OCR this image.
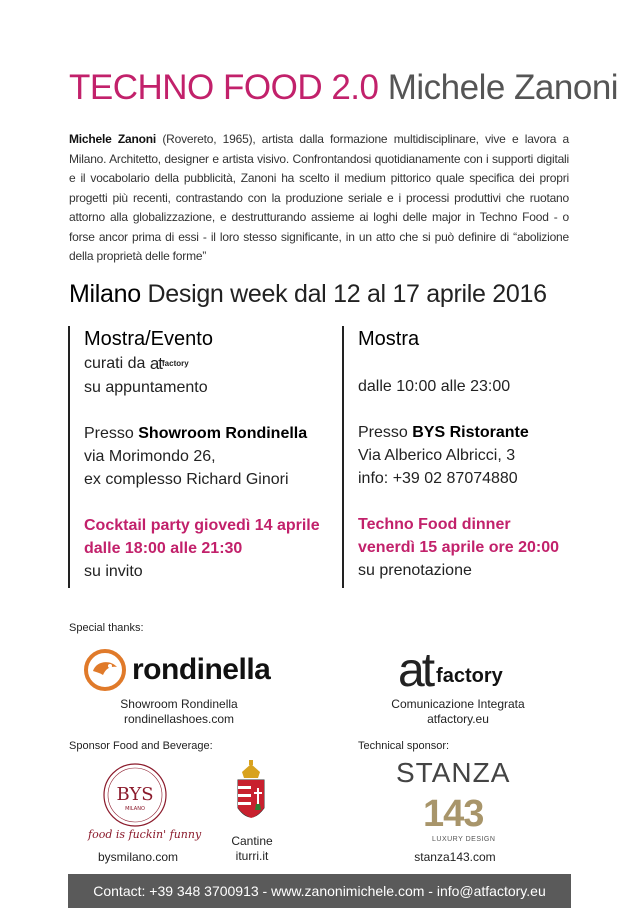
TECHNO FOOD 2.0 Michele Zanoni

Michele Zanoni (Rovereto, 1965), artista dalla formazione multidisciplinare, vive e lavora a Milano. Architetto, designer e artista visivo. Confrontandosi quotidianamente con i supporti digitali e il vocabolario della pubblicità, Zanoni ha scelto il medium pittorico quale specifica dei propri progetti più recenti, contrastando con la produzione seriale e i processi produttivi che ruotano attorno alla globalizzazione, e destrutturando assieme ai loghi delle major in Techno Food - o forse ancor prima di essi - il loro stesso significante, in un atto che si può definire di “abolizione della proprietà delle forme”

Milano Design week dal 12 al 17 aprile 2016
Mostra/Evento
curati da $at^{factory}$
su appuntamento
Presso Showroom Rondinella
via Morimondo 26,
ex complesso Richard Ginori
Cocktail party giovedì 14 aprile
dalle 18:00 alle 21:30
su invito
Mostra
dalle 10:00 alle 23:00
Presso BYS Ristorante
Via Alberico Albricci, 3
info: +39 02 87074880
Techno Food dinner
venerdì 15 aprile ore 20:00
su prenotazione
Special thanks:
rondinella
Showroom Rondinella
rondinellashoes.com
at factory
Comunicazione Integrata
atfactory.eu
Sponsor Food and Beverage:	Technical sponsor:
BYS
MILANO
food is fuckin' funny
bysmilano.com
Cantine
iturri.it
STANZA
143
LUXURY DESIGN
stanza143.com
Contact: +39 348 3700913 - www.zanonimichele.com - info@atfactory.eu
